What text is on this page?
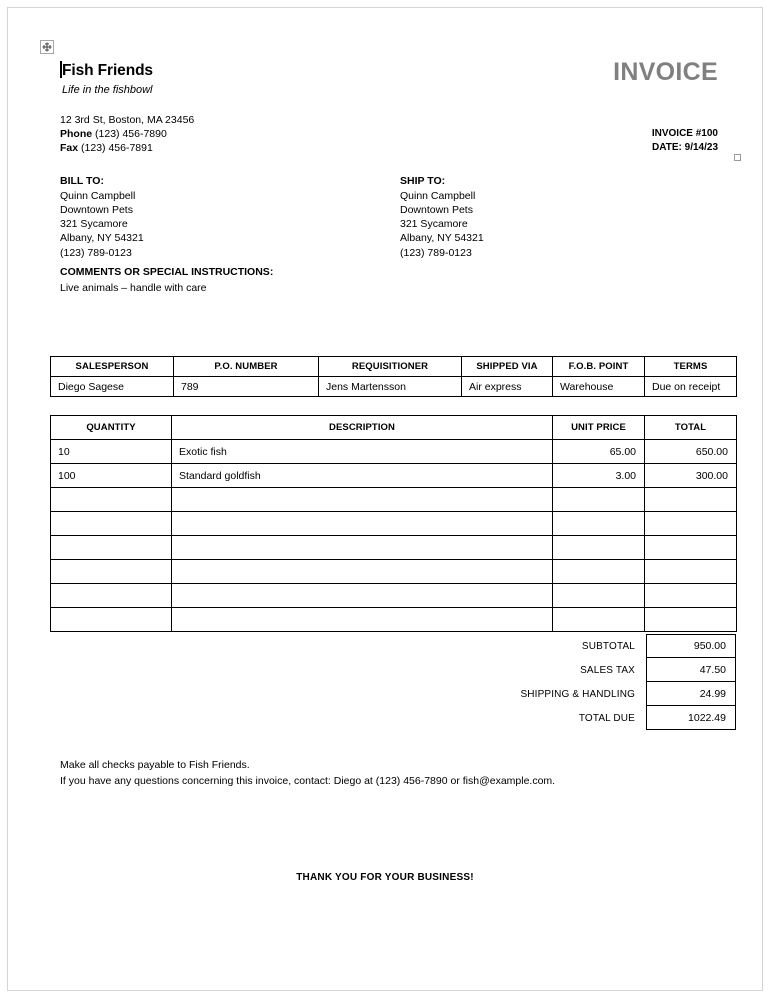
Fish Friends
Life in the fishbowl
12 3rd St, Boston, MA 23456
Phone (123) 456-7890
Fax (123) 456-7891
INVOICE
INVOICE #100
DATE: 9/14/23
BILL TO:
Quinn Campbell
Downtown Pets
321 Sycamore
Albany, NY 54321
(123) 789-0123
SHIP TO:
Quinn Campbell
Downtown Pets
321 Sycamore
Albany, NY 54321
(123) 789-0123
COMMENTS OR SPECIAL INSTRUCTIONS:
Live animals – handle with care
SALESPERSON	P.O. NUMBER	REQUISITIONER	SHIPPED VIA	F.O.B. POINT	TERMS
Diego Sagese	789	Jens Martensson	Air express	Warehouse	Due on receipt
QUANTITY	DESCRIPTION	UNIT PRICE	TOTAL
10	Exotic fish	65.00	650.00
100	Standard goldfish	3.00	300.00

SUBTOTAL	950.00
SALES TAX	47.50
SHIPPING & HANDLING	24.99
TOTAL DUE	1022.49
Make all checks payable to Fish Friends.
If you have any questions concerning this invoice, contact: Diego at (123) 456-7890 or fish@example.com.
THANK YOU FOR YOUR BUSINESS!
